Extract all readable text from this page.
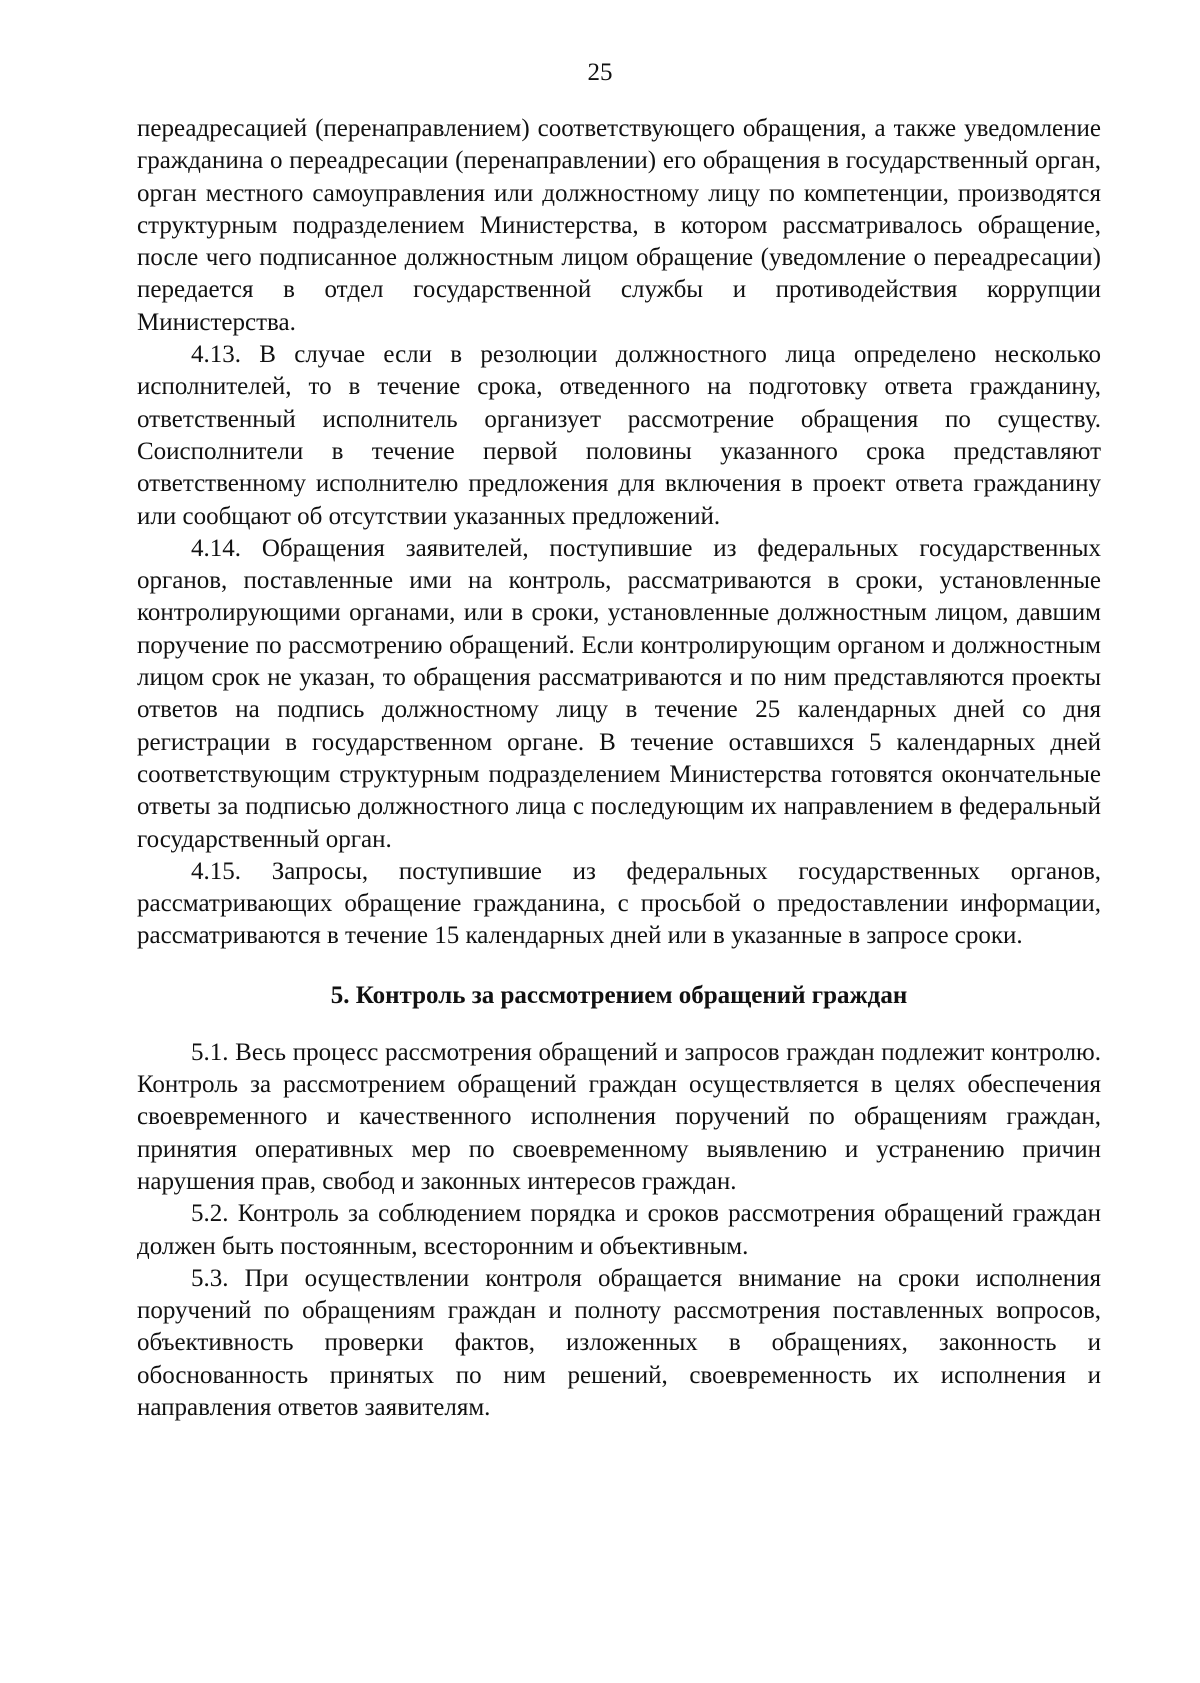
25

переадресацией (перенаправлением) соответствующего обращения, а также уведомление гражданина о переадресации (перенаправлении) его обращения в государственный орган, орган местного самоуправления или должностному лицу по компетенции, производятся структурным подразделением Министерства, в котором рассматривалось обращение, после чего подписанное должностным лицом обращение (уведомление о переадресации) передается в отдел государственной службы и противодействия коррупции Министерства.

4.13. В случае если в резолюции должностного лица определено несколько исполнителей, то в течение срока, отведенного на подготовку ответа гражданину, ответственный исполнитель организует рассмотрение обращения по существу. Соисполнители в течение первой половины указанного срока представляют ответственному исполнителю предложения для включения в проект ответа гражданину или сообщают об отсутствии указанных предложений.

4.14. Обращения заявителей, поступившие из федеральных государственных органов, поставленные ими на контроль, рассматриваются в сроки, установленные контролирующими органами, или в сроки, установленные должностным лицом, давшим поручение по рассмотрению обращений. Если контролирующим органом и должностным лицом срок не указан, то обращения рассматриваются и по ним представляются проекты ответов на подпись должностному лицу в течение 25 календарных дней со дня регистрации в государственном органе. В течение оставшихся 5 календарных дней соответствующим структурным подразделением Министерства готовятся окончательные ответы за подписью должностного лица с последующим их направлением в федеральный государственный орган.

4.15. Запросы, поступившие из федеральных государственных органов, рассматривающих обращение гражданина, с просьбой о предоставлении информации, рассматриваются в течение 15 календарных дней или в указанные в запросе сроки.

5. Контроль за рассмотрением обращений граждан

5.1. Весь процесс рассмотрения обращений и запросов граждан подлежит контролю. Контроль за рассмотрением обращений граждан осуществляется в целях обеспечения своевременного и качественного исполнения поручений по обращениям граждан, принятия оперативных мер по своевременному выявлению и устранению причин нарушения прав, свобод и законных интересов граждан.

5.2. Контроль за соблюдением порядка и сроков рассмотрения обращений граждан должен быть постоянным, всесторонним и объективным.

5.3. При осуществлении контроля обращается внимание на сроки исполнения поручений по обращениям граждан и полноту рассмотрения поставленных вопросов, объективность проверки фактов, изложенных в обращениях, законность и обоснованность принятых по ним решений, своевременность их исполнения и направления ответов заявителям.
